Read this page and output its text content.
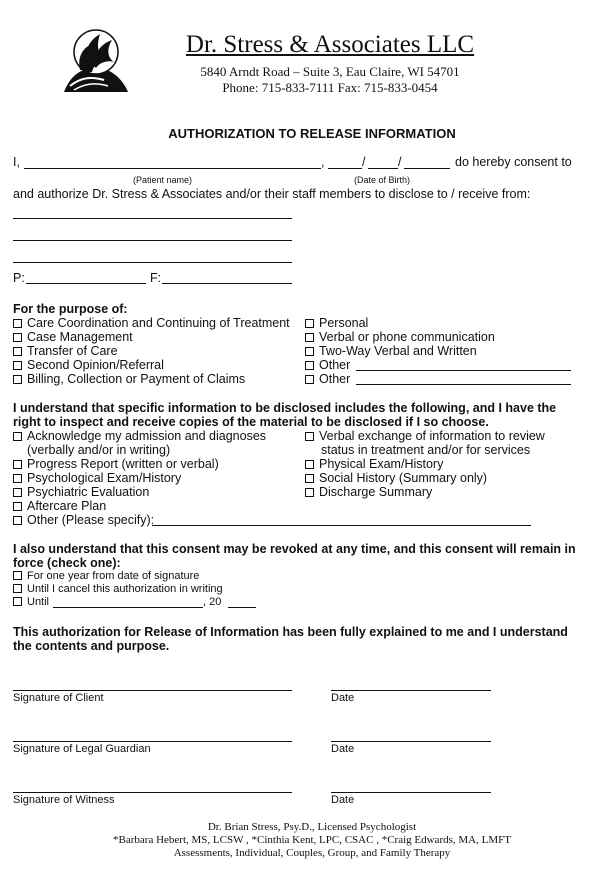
Dr. Stress & Associates LLC
5840 Arndt Road – Suite 3, Eau Claire, WI 54701
Phone: 715-833-7111 Fax: 715-833-0454
AUTHORIZATION TO RELEASE INFORMATION
I,	,	/	/	do hereby consent to
(Patient name)	(Date of Birth)
and authorize Dr. Stress & Associates and/or their staff members to disclose to / receive from:
P:	F:
For the purpose of:
Care Coordination and Continuing of Treatment
Case Management
Transfer of Care
Second Opinion/Referral
Billing, Collection or Payment of Claims
Personal
Verbal or phone communication
Two-Way Verbal and Written
Other
Other
I understand that specific information to be disclosed includes the following, and I have the
right to inspect and receive copies of the material to be disclosed if I so choose.
Acknowledge my admission and diagnoses
(verbally and/or in writing)
Progress Report (written or verbal)
Psychological Exam/History
Psychiatric Evaluation
Aftercare Plan
Verbal exchange of information to review
status in treatment and/or for services
Physical Exam/History
Social History (Summary only)
Discharge Summary
Other (Please specify):
I also understand that this consent may be revoked at any time, and this consent will remain in
force (check one):
For one year from date of signature
Until I cancel this authorization in writing
Until	, 20
This authorization for Release of Information has been fully explained to me and I understand
the contents and purpose.
Signature of Client	Date
Signature of Legal Guardian	Date
Signature of Witness	Date
Dr. Brian Stress, Psy.D., Licensed Psychologist
*Barbara Hebert, MS, LCSW , *Cinthia Kent, LPC, CSAC , *Craig Edwards, MA, LMFT
Assessments, Individual, Couples, Group, and Family Therapy
